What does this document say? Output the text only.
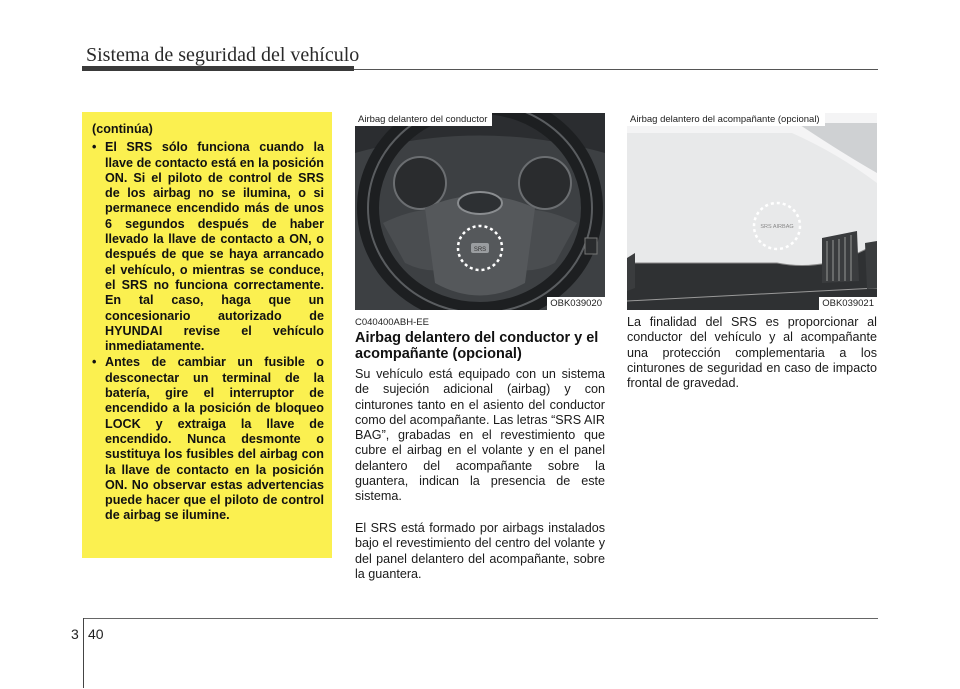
Sistema de seguridad del vehículo
(continúa)
• El SRS sólo funciona cuando la llave de contacto está en la posición ON. Si el piloto de control de SRS de los airbag no se ilumina, o si permanece encendido más de unos 6 segundos después de haber llevado la llave de contacto a ON, o después de que se haya arrancado el vehículo, o mientras se conduce, el SRS no funciona correctamente. En tal caso, haga que un concesionario autorizado de HYUNDAI revise el vehículo inmediatamente.
• Antes de cambiar un fusible o desconectar un terminal de la batería, gire el interruptor de encendido a la posición de bloqueo LOCK y extraiga la llave de encendido. Nunca desmonte o sustituya los fusibles del airbag con la llave de contacto en la posición ON. No observar estas advertencias puede hacer que el piloto de control de airbag se ilumine.
Airbag delantero del conductor
SRS
OBK039020
Airbag delantero del acompañante (opcional)
SRS AIRBAG
OBK039021
C040400ABH-EE
Airbag delantero del conductor y el acompañante (opcional)

Su vehículo está equipado con un sistema de sujeción adicional (airbag) y con cinturones tanto en el asiento del conductor como del acompañante. Las letras “SRS AIR BAG”, grabadas en el revestimiento que cubre el airbag en el volante y en el panel delantero del acompañante sobre la guantera, indican la presencia de este sistema.

El SRS está formado por airbags instalados bajo el revestimiento del centro del volante y del panel delantero del acompañante, sobre la guantera.

La finalidad del SRS es proporcionar al conductor del vehículo y al acompañante una protección complementaria a los cinturones de seguridad en caso de impacto frontal de gravedad.

3 40
